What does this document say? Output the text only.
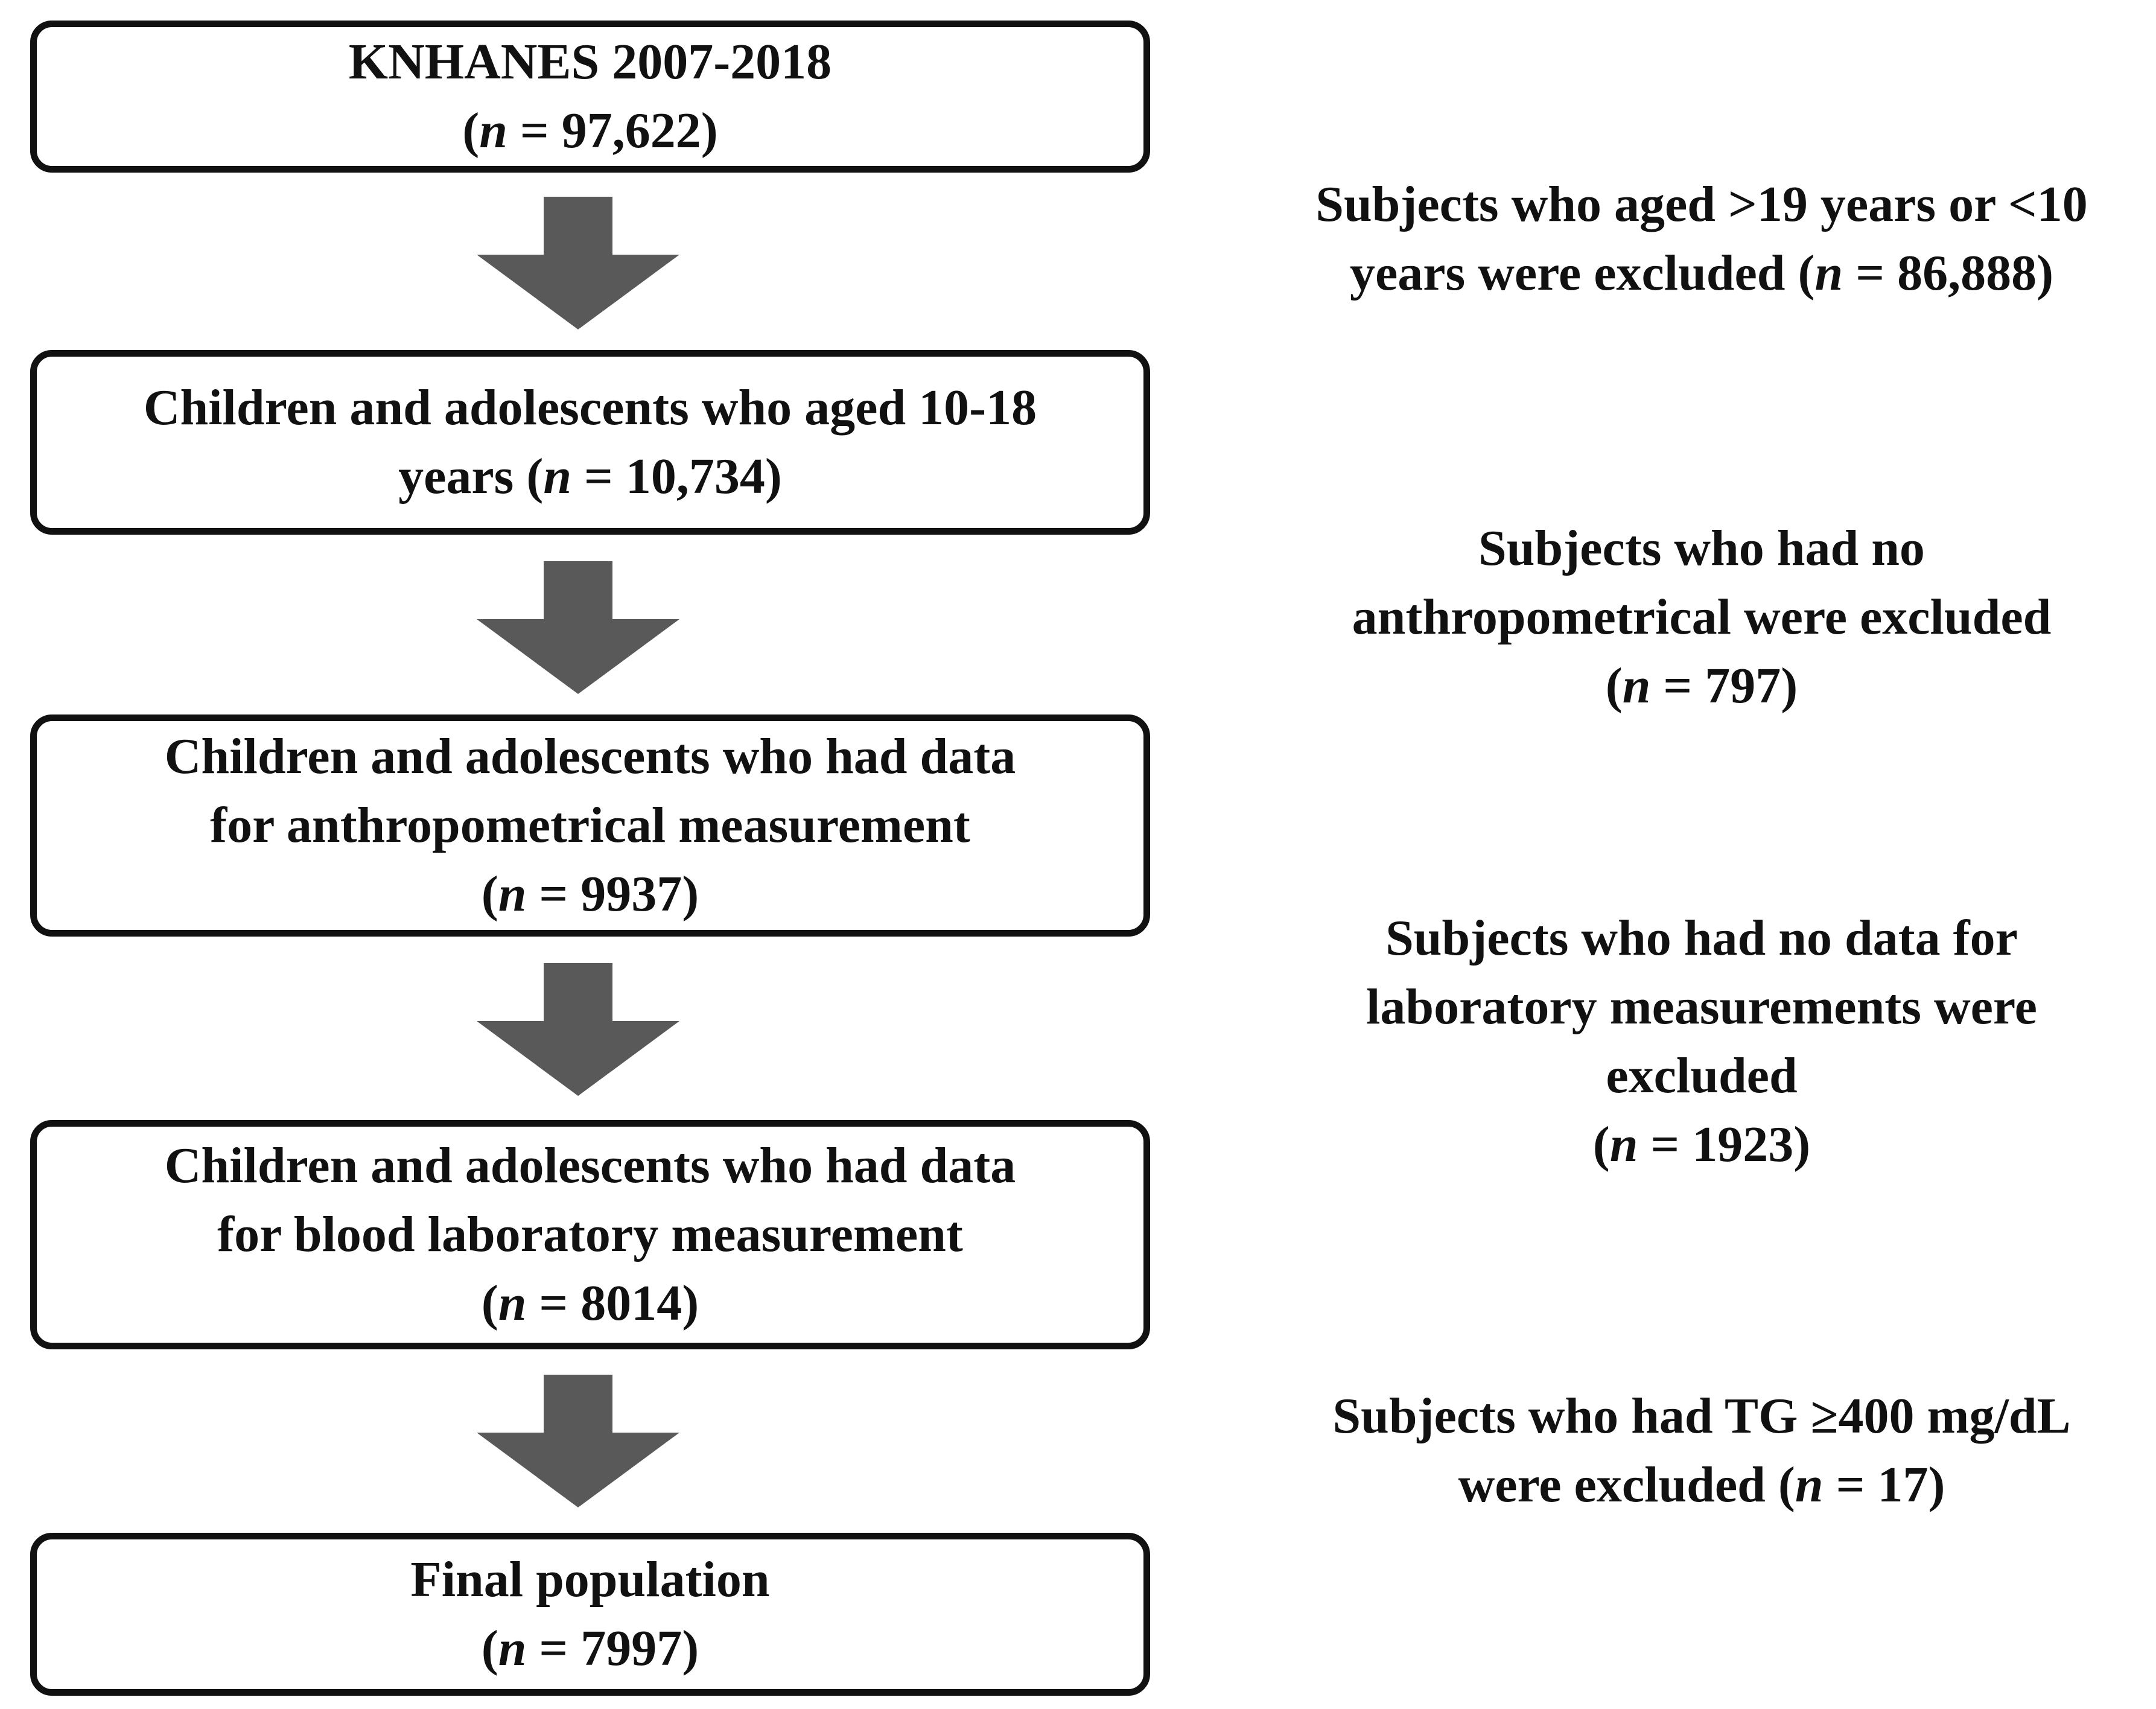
KNHANES 2007-2018
(n = 97,622)
Subjects who aged >19 years or <10
years were excluded (n = 86,888)
Children and adolescents who aged 10-18
years (n = 10,734)
Subjects who had no
anthropometrical were excluded
(n = 797)
Children and adolescents who had data
for anthropometrical measurement
(n = 9937)
Subjects who had no data for
laboratory measurements were
excluded
(n = 1923)
Children and adolescents who had data
for blood laboratory measurement
(n = 8014)
Subjects who had TG ≥400 mg/dL
were excluded (n = 17)
Final population
(n = 7997)
